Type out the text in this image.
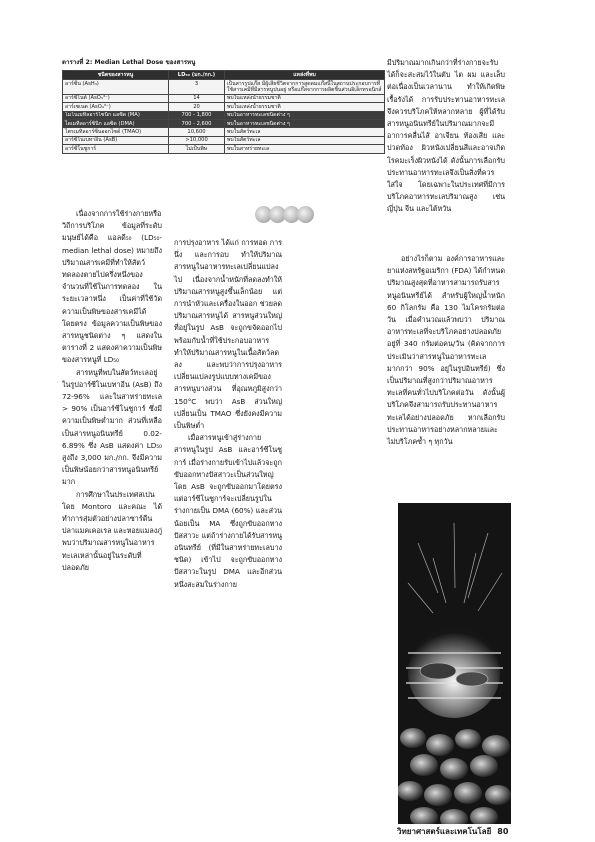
ตารางที่ 2: Median Lethal Dose ของสารหนู
ชนิดของสารหนู	LD₅₀ (มก./กก.)	แหล่งที่พบ
อาร์ซีน (AsH₃)	3	เป็นสารรูปแก๊ส มีผู้เสียชีวิตจากการสูดดมแก๊สนี้ในสถานประกอบการที่ใช้สารเคมีที่มีสารหนูปนอยู่ หรือแก๊สจากการผลิตชิ้นส่วนอิเล็กทรอนิกส์
อาร์ซีไนต์ (AsO₃³⁻)	14	พบในแหล่งน้ำธรรมชาติ
อาร์เซเนต (AsO₄³⁻)	20	พบในแหล่งน้ำธรรมชาติ
โมโนเมทิลอาร์โซนิก แอซิด (MA)	700 - 1,800	พบในอาหารทะเลชนิดต่าง ๆ
ไดเมทิลอาร์ซินิก แอซิด (DMA)	700 - 2,600	พบในอาหารทะเลชนิดต่าง ๆ
ไตรเมทิลอาร์ซีนออกไซด์ (TMAO)	10,600	พบในสัตว์ทะเล
อาร์ซีโนเบทาอีน (AsB)	>10,000	พบในสัตว์ทะเล
อาร์ซีโนชูการ์	ไม่เป็นพิษ	พบในสาหร่ายทะเล

เนื่องจากการใช้ร่างกายหรือวิถีการบริโภค ข้อมูลที่ระดับมนุษย์ได้คือ แอลดี₅₀ (LD₅₀-median lethal dose) หมายถึง ปริมาณสารเคมีที่ทำให้สัตว์ทดลองตายไปครึ่งหนึ่งของจำนวนที่ใช้ในการทดลอง ในระยะเวลาหนึ่ง เป็นค่าที่ใช้วัดความเป็นพิษของสารเคมีได้โดยตรง ข้อมูลความเป็นพิษของสารหนูชนิดต่าง ๆ แสดงในตารางที่ 2 แสดงค่าความเป็นพิษของสารหนูที่ LD₅₀

สารหนูที่พบในสัตว์ทะเลอยู่ในรูปอาร์ซีโนเบทาอีน (AsB) ถึง 72-96% และในสาหร่ายทะเล > 90% เป็นอาร์ซีโนชูการ์ ซึ่งมีความเป็นพิษต่ำมาก ส่วนที่เหลือเป็นสารหนูอนินทรีย์ 0.02-6.89% ซึ่ง AsB แสดงค่า LD₅₀ สูงถึง 3,000 มก./กก. จึงมีความเป็นพิษน้อยกว่าสารหนูอนินทรีย์มาก

การศึกษาในประเทศสเปน โดย Montoro และคณะ ได้ทำการสุ่มตัวอย่างปลาซาร์ดีน ปลาแมคเคอเรล และหอยแมลงภู่ พบว่าปริมาณสารหนูในอาหารทะเลเหล่านั้นอยู่ในระดับที่ปลอดภัย

การปรุงอาหาร ได้แก่ การทอด การนึ่ง และการอบ ทำให้ปริมาณสารหนูในอาหารทะเลเปลี่ยนแปลงไป เนื่องจากน้ำหนักที่ลดลงทำให้ปริมาณสารหนูสูงขึ้นเล็กน้อย แต่การนำหัวและเครื่องในออก ช่วยลดปริมาณสารหนูได้ สารหนูส่วนใหญ่ที่อยู่ในรูป AsB จะถูกขจัดออกไปพร้อมกับน้ำที่ใช้ประกอบอาหาร ทำให้ปริมาณสารหนูในเนื้อสัตว์ลดลง และพบว่าการปรุงอาหารเปลี่ยนแปลงรูปแบบทางเคมีของสารหนูบางส่วน ที่อุณหภูมิสูงกว่า 150°C พบว่า AsB ส่วนใหญ่เปลี่ยนเป็น TMAO ซึ่งยังคงมีความเป็นพิษต่ำ

เมื่อสารหนูเข้าสู่ร่างกาย สารหนูในรูป AsB และอาร์ซีโนชูการ์ เมื่อร่างกายรับเข้าไปแล้วจะถูกขับออกทางปัสสาวะเป็นส่วนใหญ่ โดย AsB จะถูกขับออกมาโดยตรง แต่อาร์ซีโนชูการ์จะเปลี่ยนรูปในร่างกายเป็น DMA (60%) และส่วนน้อยเป็น MA ซึ่งถูกขับออกทางปัสสาวะ แต่ถ้าร่างกายได้รับสารหนูอนินทรีย์ (ที่มีในสาหร่ายทะเลบางชนิด) เข้าไป จะถูกขับออกทางปัสสาวะในรูป DMA และอีกส่วนหนึ่งสะสมในร่างกาย

มีปริมาณมากเกินกว่าที่ร่างกายจะรับได้ก็จะสะสมไว้ในตับ ไต ผม และเล็บ ต่อเนื่องเป็นเวลานาน ทำให้เกิดพิษเรื้อรังได้ การรับประทานอาหารทะเลจึงควรบริโภคให้หลากหลาย ผู้ที่ได้รับสารหนูอนินทรีย์ในปริมาณมากจะมีอาการคลื่นไส้ อาเจียน ท้องเสีย และปวดท้อง ผิวหนังเปลี่ยนสีและอาจเกิดโรคมะเร็งผิวหนังได้ ดังนั้นการเลือกรับประทานอาหารทะเลจึงเป็นสิ่งที่ควรใส่ใจ โดยเฉพาะในประเทศที่มีการบริโภคอาหารทะเลปริมาณสูง เช่น ญี่ปุ่น จีน และไต้หวัน

อย่างไรก็ตาม องค์การอาหารและยาแห่งสหรัฐอเมริกา (FDA) ได้กำหนดปริมาณสูงสุดที่อาหารสามารถรับสารหนูอนินทรีย์ได้ สำหรับผู้ใหญ่น้ำหนัก 60 กิโลกรัม คือ 130 ไมโครกรัมต่อวัน เมื่อคำนวณแล้วพบว่า ปริมาณอาหารทะเลที่จะบริโภคอย่างปลอดภัยอยู่ที่ 340 กรัมต่อคน/วัน (คิดจากการประเมินว่าสารหนูในอาหารทะเลมากกว่า 90% อยู่ในรูปอินทรีย์) ซึ่งเป็นปริมาณที่สูงกว่าปริมาณอาหารทะเลที่คนทั่วไปบริโภคต่อวัน ดังนั้นผู้บริโภคจึงสามารถรับประทานอาหารทะเลได้อย่างปลอดภัย หากเลือกรับประทานอาหารอย่างหลากหลายและไม่บริโภคซ้ำ ๆ ทุกวัน

วิทยาศาสตร์และเทคโนโลยี 80
